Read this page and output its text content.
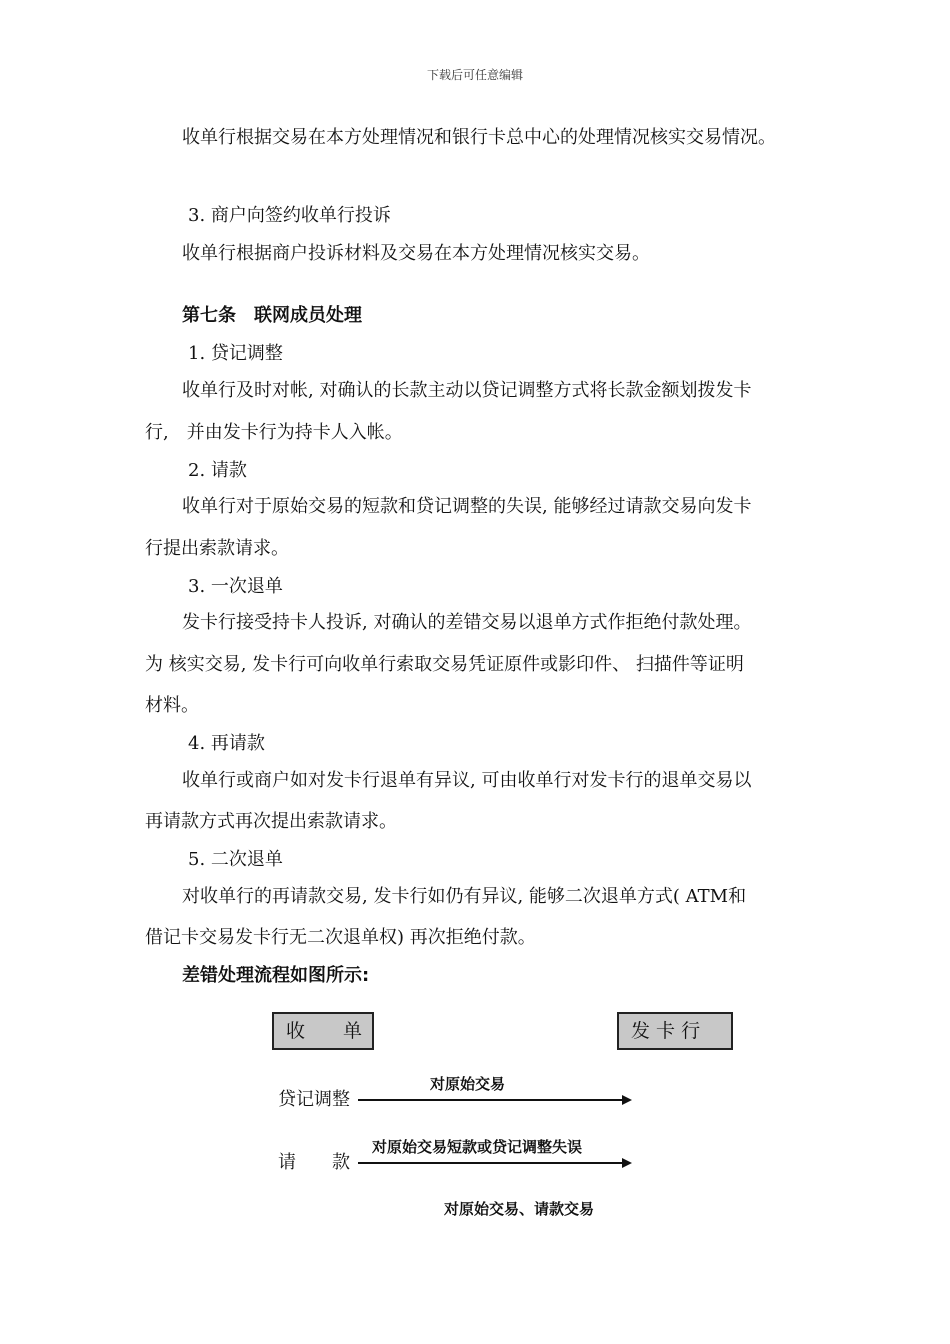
下载后可任意编辑
收单行根据交易在本方处理情况和银行卡总中心的处理情况核实交易情况。
3. 商户向签约收单行投诉
收单行根据商户投诉材料及交易在本方处理情况核实交易。
第七条　联网成员处理
1. 贷记调整
收单行及时对帐, 对确认的长款主动以贷记调整方式将长款金额划拨发卡
行,　并由发卡行为持卡人入帐。
2. 请款
收单行对于原始交易的短款和贷记调整的失误, 能够经过请款交易向发卡
行提出索款请求。
3. 一次退单
发卡行接受持卡人投诉, 对确认的差错交易以退单方式作拒绝付款处理。
为 核实交易, 发卡行可向收单行索取交易凭证原件或影印件、 扫描件等证明
材料。
4. 再请款
收单行或商户如对发卡行退单有异议, 可由收单行对发卡行的退单交易以
再请款方式再次提出索款请求。
5. 二次退单
对收单行的再请款交易, 发卡行如仍有异议, 能够二次退单方式( ATM和
借记卡交易发卡行无二次退单权) 再次拒绝付款。
差错处理流程如图所示:
收　　单	发 卡 行
对原始交易
贷记调整
对原始交易短款或贷记调整失误
请　　款
对原始交易、请款交易
